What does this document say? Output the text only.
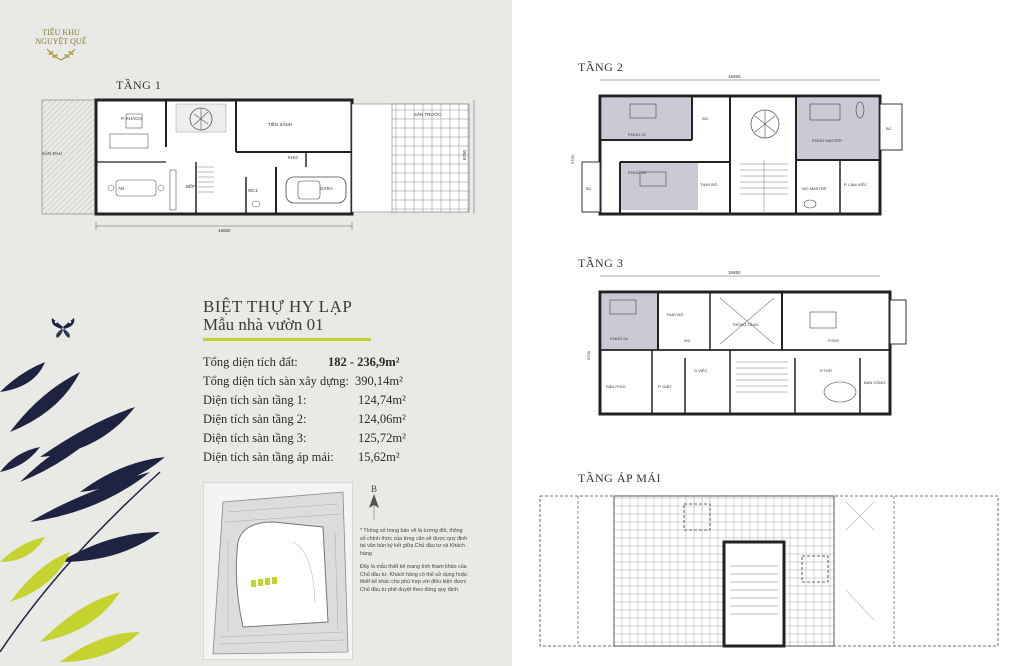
TIỂU KHU
NGUYỆT QUẾ
TẦNG 1
SÂN ĐAU
P. KHÁCH
ĂN	BẾP
TIỀN SẢNH
KHO
WC1	GARA
SÂN TRƯỚC
16650
6700
BIỆT THỰ HY LẠP
Mẫu nhà vườn 01
Tổng diện tích đất: 182 - 236,9m²
Tổng diện tích sàn xây dựng: 390,14m²
Diện tích sàn tầng 1:	124,74m²
Diện tích sàn tầng 2:	124,06m²
Diện tích sàn tầng 3:	125,72m²
Diện tích sàn tầng áp mái: 15,62m²
B

* Thông số trong bản vẽ là tương đối, thông số chính thức của từng căn sẽ được quy định tại văn bản ký kết giữa Chủ đầu tư và Khách hàng

Đây là mẫu thiết kế mang tính tham khảo của Chủ đầu tư. Khách hàng có thể sử dụng hoặc thiết kế khác cho phù hợp với điều kiện được Chủ đầu tư phê duyệt theo đúng quy định.

TẦNG 2
16650
P.NGỦ 02
P.NGỦ 03
WC
THAY ĐỒ
P.NGỦ MASTER
WC MASTER
P. LÀM VIỆC
BC
BC
6700
TẦNG 3
16650
P.NGỦ 04
THAY ĐỒ
WC
THÔNG TẦNG
P.SHC
SÂN PHƠI	P. GIẶT
G.VIỆC	P.THỜ
BAN CÔNG
6700
TẦNG ÁP MÁI
